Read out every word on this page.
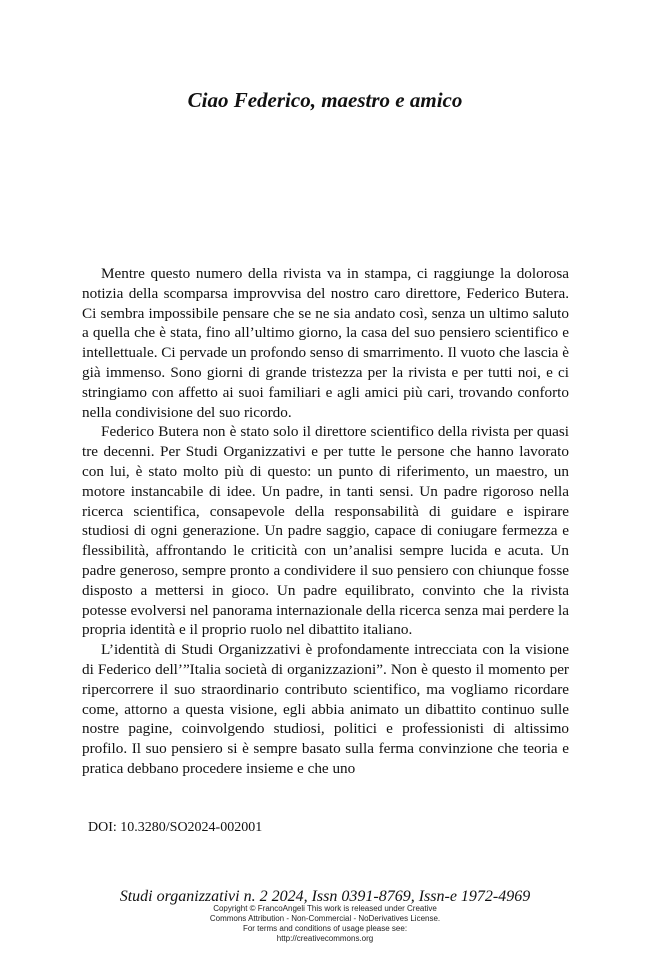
Ciao Federico, maestro e amico

Mentre questo numero della rivista va in stampa, ci raggiunge la dolorosa notizia della scomparsa improvvisa del nostro caro direttore, Federico Butera. Ci sembra impossibile pensare che se ne sia andato così, senza un ultimo saluto a quella che è stata, fino all’ultimo giorno, la casa del suo pensiero scientifico e intellettuale. Ci pervade un profondo senso di smarrimento. Il vuoto che lascia è già immenso. Sono giorni di grande tristezza per la rivista e per tutti noi, e ci stringiamo con affetto ai suoi familiari e agli amici più cari, trovando conforto nella condivisione del suo ricordo.

Federico Butera non è stato solo il direttore scientifico della rivista per quasi tre decenni. Per Studi Organizzativi e per tutte le persone che hanno lavorato con lui, è stato molto più di questo: un punto di riferimento, un maestro, un motore instancabile di idee. Un padre, in tanti sensi. Un padre rigoroso nella ricerca scientifica, consapevole della responsabilità di guidare e ispirare studiosi di ogni generazione. Un padre saggio, capace di coniugare fermezza e flessibilità, affrontando le criticità con un’analisi sempre lucida e acuta. Un padre generoso, sempre pronto a condividere il suo pensiero con chiunque fosse disposto a mettersi in gioco. Un padre equilibrato, convinto che la rivista potesse evolversi nel panorama internazionale della ricerca senza mai perdere la propria identità e il proprio ruolo nel dibattito italiano.

L’identità di Studi Organizzativi è profondamente intrecciata con la visione di Federico dell’”Italia società di organizzazioni”. Non è questo il momento per ripercorrere il suo straordinario contributo scientifico, ma vogliamo ricordare come, attorno a questa visione, egli abbia animato un dibattito continuo sulle nostre pagine, coinvolgendo studiosi, politici e professionisti di altissimo profilo. Il suo pensiero si è sempre basato sulla ferma convinzione che teoria e pratica debbano procedere insieme e che uno

DOI: 10.3280/SO2024-002001
Studi organizzativi n. 2 2024, Issn 0391-8769, Issn-e 1972-4969
Copyright © FrancoAngeli This work is released under Creative
Commons Attribution - Non-Commercial - NoDerivatives License.
For terms and conditions of usage please see:
http://creativecommons.org
